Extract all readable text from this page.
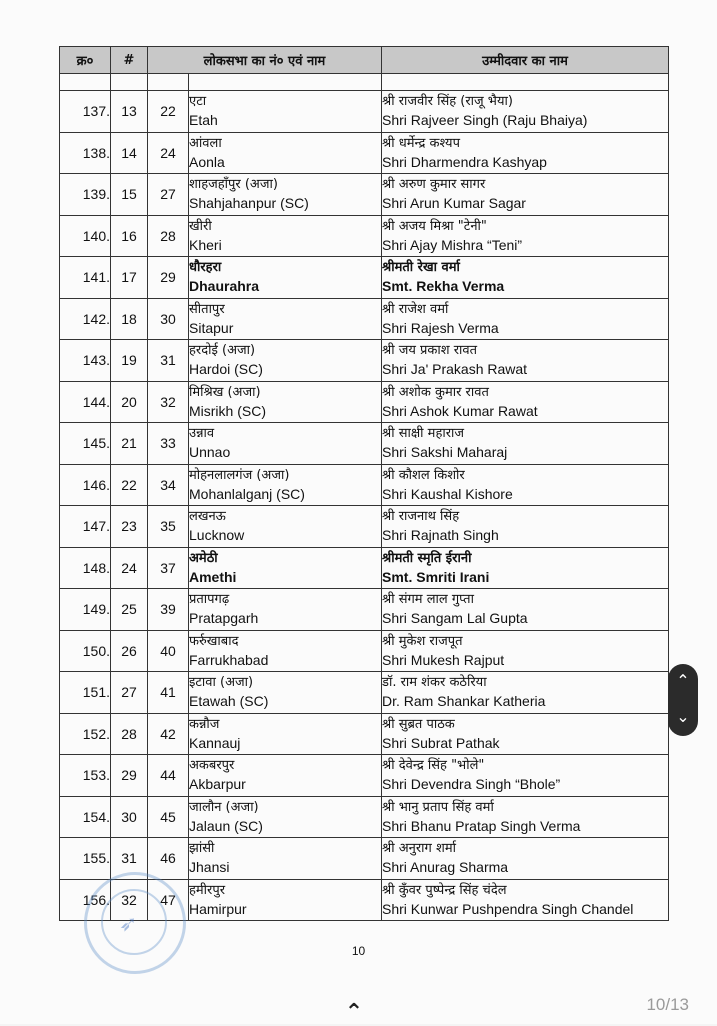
क्र०	#	लोकसभा का नं० एवं नाम		उम्मीदवार का नाम

137.	13	22	एटा
Etah	श्री राजवीर सिंह (राजू भैया)
Shri Rajveer Singh (Raju Bhaiya)

138.	14	24	आंवला
Aonla	श्री धर्मेन्द्र कश्यप
Shri Dharmendra Kashyap

139.	15	27	शाहजहाँपुर (अजा)
Shahjahanpur (SC)	श्री अरुण कुमार सागर
Shri Arun Kumar Sagar

140.	16	28	खीरी
Kheri	श्री अजय मिश्रा "टेनी"
Shri Ajay Mishra “Teni”

141.	17	29	धौरहरा
Dhaurahra	श्रीमती रेखा वर्मा
Smt. Rekha Verma

142.	18	30	सीतापुर
Sitapur	श्री राजेश वर्मा
Shri Rajesh Verma

143.	19	31	हरदोई (अजा)
Hardoi (SC)	श्री जय प्रकाश रावत
Shri Ja' Prakash Rawat

144.	20	32	मिश्रिख (अजा)
Misrikh (SC)	श्री अशोक कुमार रावत
Shri Ashok Kumar Rawat

145.	21	33	उन्नाव
Unnao	श्री साक्षी महाराज
Shri Sakshi Maharaj

146.	22	34	मोहनलालगंज (अजा)
Mohanlalganj (SC)	श्री कौशल किशोर
Shri Kaushal Kishore

147.	23	35	लखनऊ
Lucknow	श्री राजनाथ सिंह
Shri Rajnath Singh

148.	24	37	अमेठी
Amethi	श्रीमती स्मृति ईरानी
Smt. Smriti Irani

149.	25	39	प्रतापगढ़
Pratapgarh	श्री संगम लाल गुप्ता
Shri Sangam Lal Gupta

150.	26	40	फर्रुखाबाद
Farrukhabad	श्री मुकेश राजपूत
Shri Mukesh Rajput

151.	27	41	इटावा (अजा)
Etawah (SC)	डॉ. राम शंकर कठेरिया
Dr. Ram Shankar Katheria

152.	28	42	कन्नौज
Kannauj	श्री सुब्रत पाठक
Shri Subrat Pathak

153.	29	44	अकबरपुर
Akbarpur	श्री देवेन्द्र सिंह "भोले"
Shri Devendra Singh “Bhole”

154.	30	45	जालौन (अजा)
Jalaun (SC)	श्री भानु प्रताप सिंह वर्मा
Shri Bhanu Pratap Singh Verma

155.	31	46	झांसी
Jhansi	श्री अनुराग शर्मा
Shri Anurag Sharma

156.	32	47	हमीरपुर
Hamirpur	श्री कुँवर पुष्पेन्द्र सिंह चंदेल
Shri Kunwar Pushpendra Singh Chandel
➶
10
⌃
⌄
⌃	10/13
